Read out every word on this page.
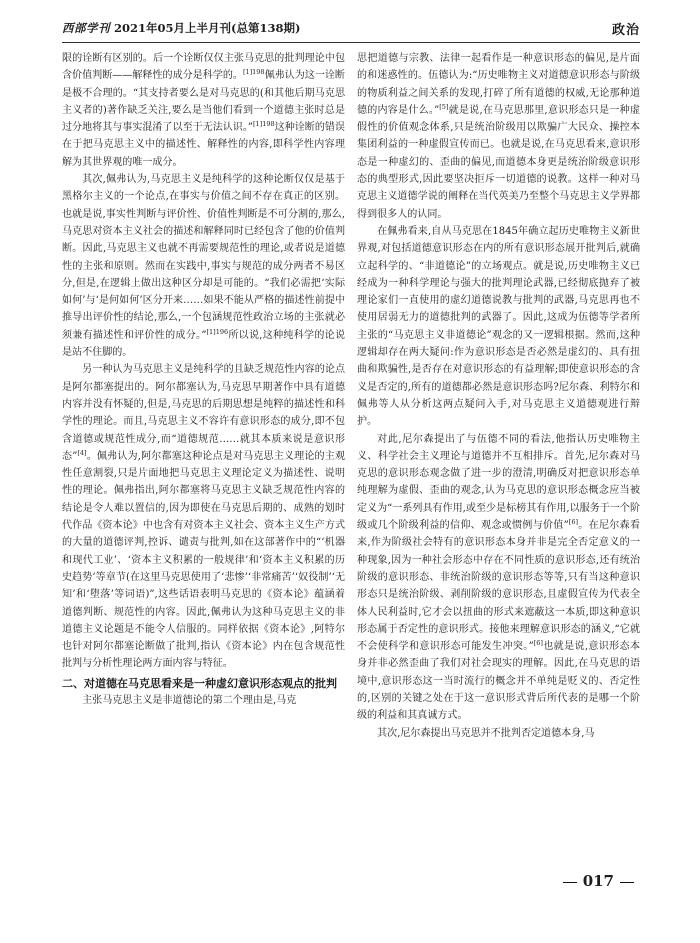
西部学刊 2021年05月上半月刊(总第138期)	政治

限的诠断有区别的。后一个诠断仅仅主张马克思的批判理论中包含价值判断——解释性的成分是科学的。$^{[1]198}$佩弗认为这一诠断是极不合理的。“其支持者要么是对马克思的(和其他后期马克思主义者的)著作缺乏关注,要么是当他们看到一个道德主张时总是过分地将其与事实混淆了以至于无法认识。”$^{[1]198}$这种诠断的错误在于把马克思主义中的描述性、解释性的内容,即科学性内容理解为其世界观的唯一成分。

其次,佩弗认为,马克思主义是纯科学的这种论断仅仅是基于黑格尔主义的一个论点,在事实与价值之间不存在真正的区别。也就是说,事实性判断与评价性、价值性判断是不可分割的,那么,马克思对资本主义社会的描述和解释同时已经包含了他的价值判断。因此,马克思主义也就不再需要规范性的理论,或者说是道德性的主张和原则。然而在实践中,事实与规范的成分两者不易区分,但是,在逻辑上做出这种区分却是可能的。“我们必需把‘实际如何’与‘是何如何’区分开来……如果不能从严格的描述性前提中推导出评价性的结论,那么,一个包涵规范性政治立场的主张就必须兼有描述性和评价性的成分。”$^{[1]196}$所以说,这种纯科学的论说是站不住脚的。

另一种认为马克思主义是纯科学的且缺乏规范性内容的论点是阿尔都塞提出的。阿尔都塞认为,马克思早期著作中具有道德内容并没有怀疑的,但是,马克思的后期思想是纯粹的描述性和科学性的理论。而且,马克思主义不容许有意识形态的成分,即不包含道德或规范性成分,而“道德规范……就其本质来说是意识形态”[4]。佩弗认为,阿尔都塞这种论点是对马克思主义理论的主观性任意割裂,只是片面地把马克思主义理论定义为描述性、说明性的理论。佩弗指出,阿尔都塞将马克思主义缺乏规范性内容的结论是令人难以置信的,因为即使在马克思后期的、成熟的划时代作品《资本论》中也含有对资本主义社会、资本主义生产方式的大量的道德评判,控诉、谴责与批判,如在这部著作中的“‘机器和现代工业’、‘资本主义积累的一般规律’和‘资本主义积累的历史趋势’等章节(在这里马克思使用了‘悲惨’‘非常痛苦’‘奴役制’‘无知’和‘堕落’等词语)”,这些话语表明马克思的《资本论》蕴涵着道德判断、规范性的内容。因此,佩弗认为这种马克思主义的非道德主义论题是不能令人信服的。同样依据《资本论》,阿特尔也针对阿尔都塞论断做了批判,指认《资本论》内在包含规范性批判与分析性理论两方面内容与特征。

二、对道德在马克思看来是一种虚幻意识形态观点的批判

主张马克思主义是非道德论的第二个理由是,马克

思把道德与宗教、法律一起看作是一种意识形态的偏见,是片面的和迷惑性的。伍德认为:“历史唯物主义对道德意识形态与阶级的物质利益之间关系的发现,打碎了所有道德的权威,无论那种道德的内容是什么。”[5]就是说,在马克思那里,意识形态只是一种虚假性的价值观念体系,只是统治阶级用以欺骗广大民众、操控本集团利益的一种虚假宣传而已。也就是说,在马克思看来,意识形态是一种虚幻的、歪曲的偏见,而道德本身更是统治阶级意识形态的典型形式,因此要坚决拒斥一切道德的说教。这样一种对马克思主义道德学说的阐释在当代英美乃至整个马克思主义学界都得到很多人的认同。

在佩弗看来,自从马克思在1845年确立起历史唯物主义新世界观,对包括道德意识形态在内的所有意识形态展开批判后,就确立起科学的、“非道德论”的立场观点。就是说,历史唯物主义已经成为一种科学理论与强大的批判理论武器,已经彻底抛弃了被理论家们一直使用的虚幻道德说教与批判的武器,马克思再也不使用居弱无力的道德批判的武器了。因此,这成为伍德等学者所主张的“马克思主义非道德论”观念的又一逻辑根据。然而,这种逻辑却存在两大疑问:作为意识形态是否必然是虚幻的、具有扭曲和欺骗性,是否存在对意识形态的有益理解;即使意识形态的含义是否定的,所有的道德都必然是意识形态吗?尼尔森、利特尔和佩弗等人从分析这两点疑问入手,对马克思主义道德观进行辩护。

对此,尼尔森提出了与伍德不同的看法,他指认历史唯物主义、科学社会主义理论与道德并不互相排斥。首先,尼尔森对马克思的意识形态观念做了进一步的澄清,明确反对把意识形态单纯理解为虚假、歪曲的观念,认为马克思的意识形态概念应当被定义为“一系列具有作用,或至少是标榜其有作用,以服务于一个阶级或几个阶级利益的信仰、观念或惯例与价值”[6]。在尼尔森看来,作为阶级社会特有的意识形态本身并非是完全否定意义的一种现象,因为一种社会形态中存在不同性质的意识形态,还有统治阶级的意识形态、非统治阶级的意识形态等等,只有当这种意识形态只是统治阶级、剥削阶级的意识形态,且虚假宣传为代表全体人民利益时,它才会以扭曲的形式来遮蔽这一本质,即这种意识形态属于否定性的意识形式。接他来理解意识形态的涵义,“它就不会使科学和意识形态可能发生冲突。”[6]也就是说,意识形态本身并非必然歪曲了我们对社会现实的理解。因此,在马克思的语境中,意识形态这一当时流行的概念并不单纯是贬义的、否定性的,区别的关键之处在于这一意识形式背后所代表的是哪一个阶级的利益和其真诚方式。

其次,尼尔森提出马克思并不批判否定道德本身,马

017
